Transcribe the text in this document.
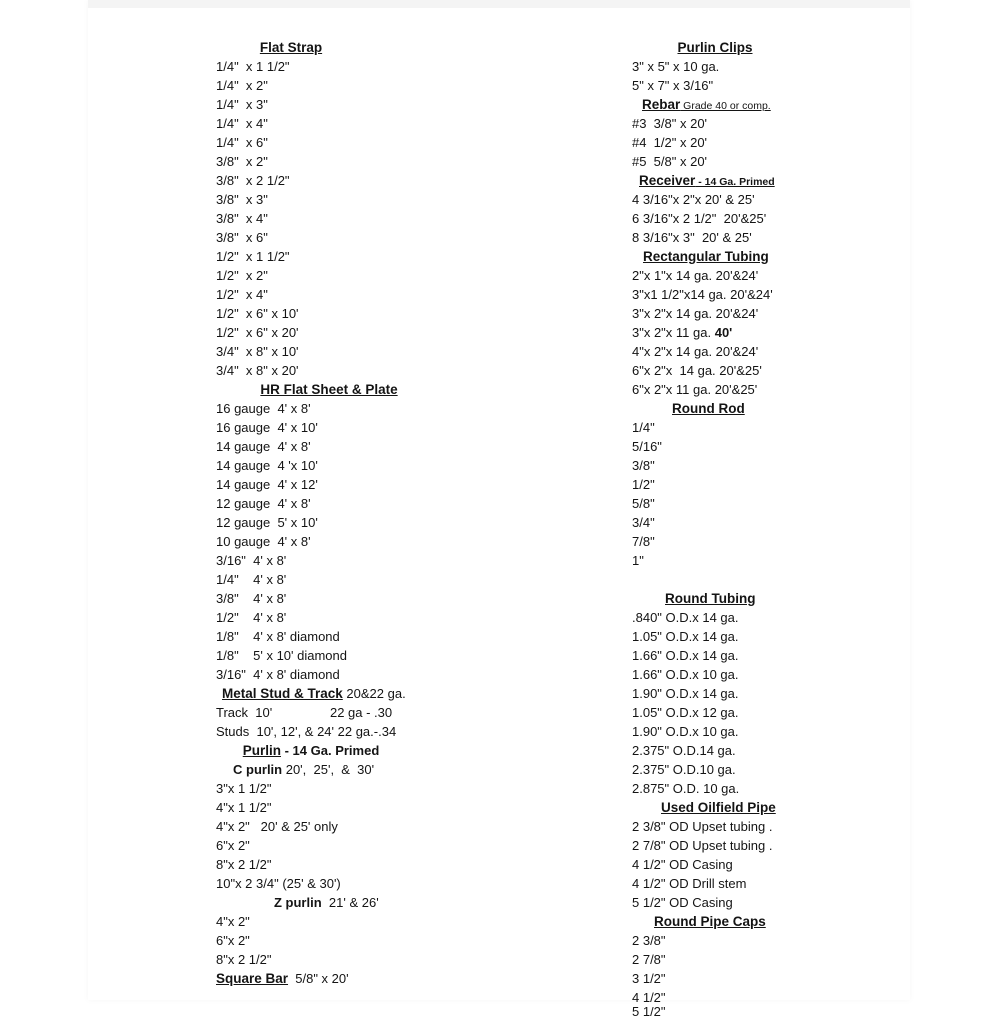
Flat Strap
1/4"  x 1 1/2"
1/4"  x 2"
1/4"  x 3"
1/4"  x 4"
1/4"  x 6"
3/8"  x 2"
3/8"  x 2 1/2"
3/8"  x 3"
3/8"  x 4"
3/8"  x 6"
1/2"  x 1 1/2"
1/2"  x 2"
1/2"  x 4"
1/2"  x 6" x 10'
1/2"  x 6" x 20'
3/4"  x 8" x 10'
3/4"  x 8" x 20'
HR Flat Sheet & Plate
16 gauge  4' x 8'
16 gauge  4' x 10'
14 gauge  4' x 8'
14 gauge  4 'x 10'
14 gauge  4' x 12'
12 gauge  4' x 8'
12 gauge  5' x 10'
10 gauge  4' x 8'
3/16"  4' x 8'
1/4"    4' x 8'
3/8"    4' x 8'
1/2"    4' x 8'
1/8"    4' x 8' diamond
1/8"    5' x 10' diamond
3/16"  4' x 8' diamond
Metal Stud & Track 20&22 ga.
Track  10'                22 ga - .30
Studs  10', 12', & 24' 22 ga.-.34
Purlin - 14 Ga. Primed
C purlin 20',  25',  &  30'
3"x 1 1/2"
4"x 1 1/2"
4"x 2"   20' & 25' only
6"x 2"
8"x 2 1/2"
10"x 2 3/4" (25' & 30')
Z purlin  21' & 26'
4"x 2"
6"x 2"
8"x 2 1/2"
Square Bar  5/8" x 20'
Purlin Clips
3" x 5" x 10 ga.
5" x 7" x 3/16"
Rebar Grade 40 or comp.
#3  3/8" x 20'
#4  1/2" x 20'
#5  5/8" x 20'
Receiver - 14 Ga. Primed
4 3/16"x 2"x 20' & 25'
6 3/16"x 2 1/2"  20'&25'
8 3/16"x 3"  20' & 25'
Rectangular Tubing
2"x 1"x 14 ga. 20'&24'
3"x1 1/2"x14 ga. 20'&24'
3"x 2"x 14 ga. 20'&24'
3"x 2"x 11 ga. 40'
4"x 2"x 14 ga. 20'&24'
6"x 2"x  14 ga. 20'&25'
6"x 2"x 11 ga. 20'&25'
Round Rod
1/4"
5/16"
3/8"
1/2"
5/8"
3/4"
7/8"
1"
Round Tubing
.840" O.D.x 14 ga.
1.05" O.D.x 14 ga.
1.66" O.D.x 14 ga.
1.66" O.D.x 10 ga.
1.90" O.D.x 14 ga.
1.05" O.D.x 12 ga.
1.90" O.D.x 10 ga.
2.375" O.D.14 ga.
2.375" O.D.10 ga.
2.875" O.D. 10 ga.
Used Oilfield Pipe
2 3/8" OD Upset tubing .
2 7/8" OD Upset tubing .
4 1/2" OD Casing
4 1/2" OD Drill stem
5 1/2" OD Casing
Round Pipe Caps
2 3/8"
2 7/8"
3 1/2"
4 1/2"
5 1/2"
